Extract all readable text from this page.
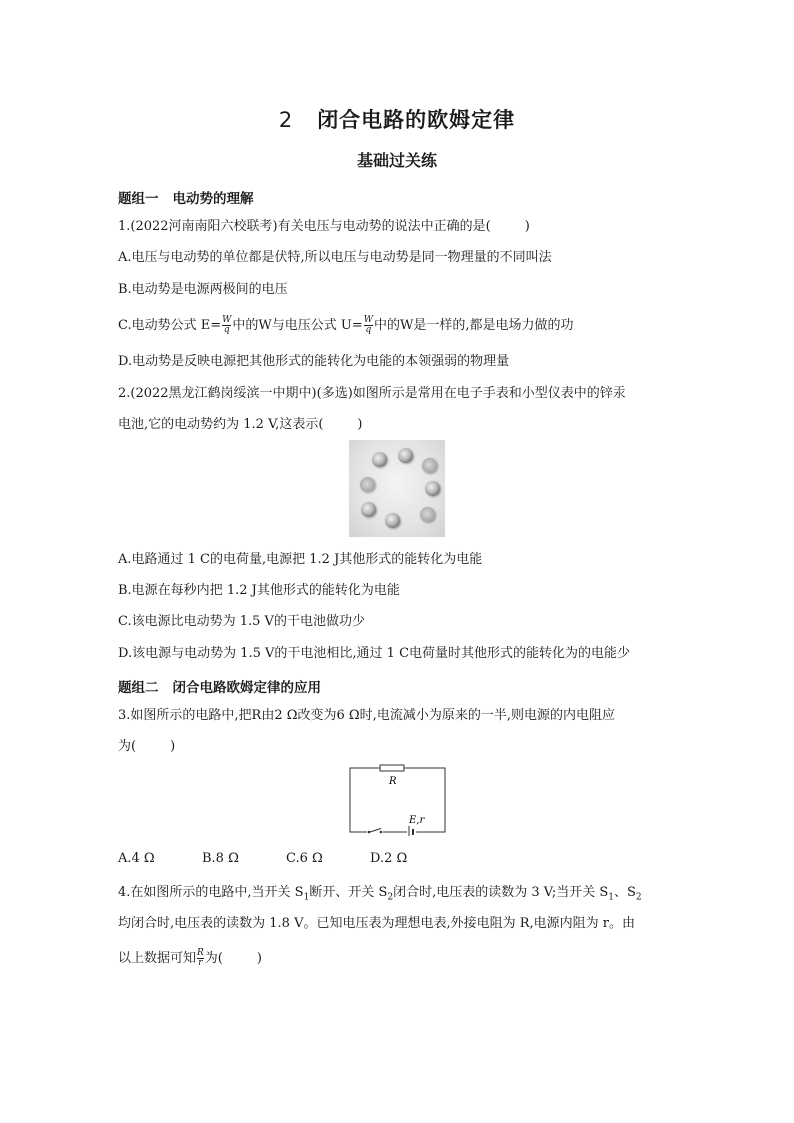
2 闭合电路的欧姆定律
基础过关练
题组一 电动势的理解
1.(2022河南南阳六校联考)有关电压与电动势的说法中正确的是(	)
A.电压与电动势的单位都是伏特,所以电压与电动势是同一物理量的不同叫法
B.电动势是电源两极间的电压
C.电动势公式 $E= \frac{W}{q}$ 中的W与电压公式 $U= \frac{W}{q}$ 中的W是一样的,都是电场力做的功
D.电动势是反映电源把其他形式的能转化为电能的本领强弱的物理量
2.(2022黑龙江鹤岗绥滨一中期中)(多选)如图所示是常用在电子手表和小型仪表中的锌汞
电池,它的电动势约为 1.2 V,这表示(	)
A.电路通过 1 C的电荷量,电源把 1.2 J其他形式的能转化为电能
B.电源在每秒内把 1.2 J其他形式的能转化为电能
C.该电源比电动势为 1.5 V的干电池做功少
D.该电源与电动势为 1.5 V的干电池相比,通过 1 C电荷量时其他形式的能转化为的电能少
题组二 闭合电路欧姆定律的应用
3.如图所示的电路中,把R由2 Ω改变为6 Ω时,电流减小为原来的一半,则电源的内电阻应
为(	)
R
E,r
A.4 Ω	B.8 Ω	C.6 Ω	D.2 Ω
4.在如图所示的电路中,当开关 $S_1$断开、开关 $S_2$闭合时,电压表的读数为 3 V;当开关 $S_1$、$S_2$
均闭合时,电压表的读数为 1.8 V。已知电压表为理想电表,外接电阻为 R,电源内阻为 r。由
以上数据可知 $\frac{R}{r}$ 为(	)
